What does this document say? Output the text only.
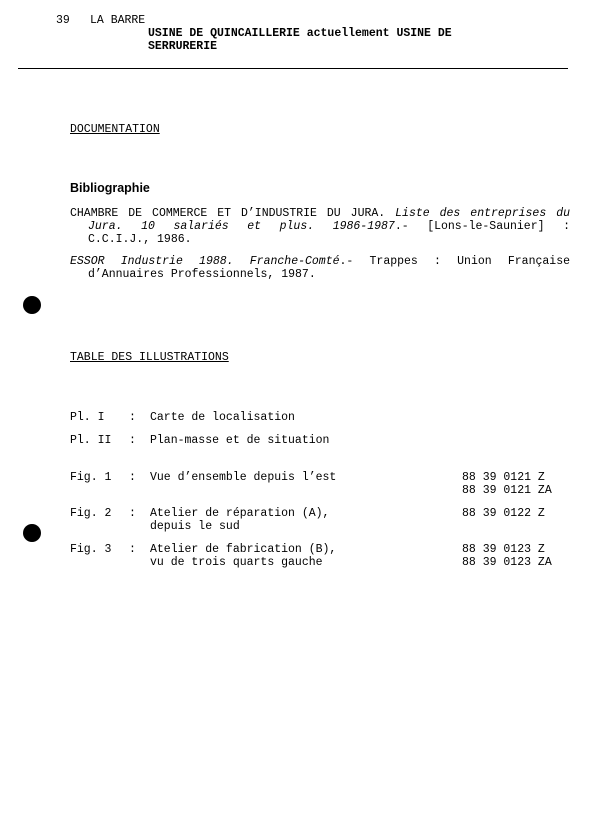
39 LA BARRE
USINE DE QUINCAILLERIE actuellement USINE DE
SERRURERIE
DOCUMENTATION
Bibliographie
CHAMBRE DE COMMERCE ET D’INDUSTRIE DU JURA. Liste des entreprises du
Jura. 10 salariés et plus. 1986-1987.- [Lons-le-Saunier] :
C.C.I.J., 1986.
ESSOR Industrie 1988. Franche-Comté.- Trappes : Union Française
d’Annuaires Professionnels, 1987.
TABLE DES ILLUSTRATIONS
Pl. I : Carte de localisation
Pl. II : Plan-masse et de situation
Fig. 1 : Vue d’ensemble depuis l’est	88 39 0121 Z
88 39 0121 ZA
Fig. 2 : Atelier de réparation (A),
depuis le sud
88 39 0122 Z
Fig. 3 : Atelier de fabrication (B),
vu de trois quarts gauche
88 39 0123 Z
88 39 0123 ZA
